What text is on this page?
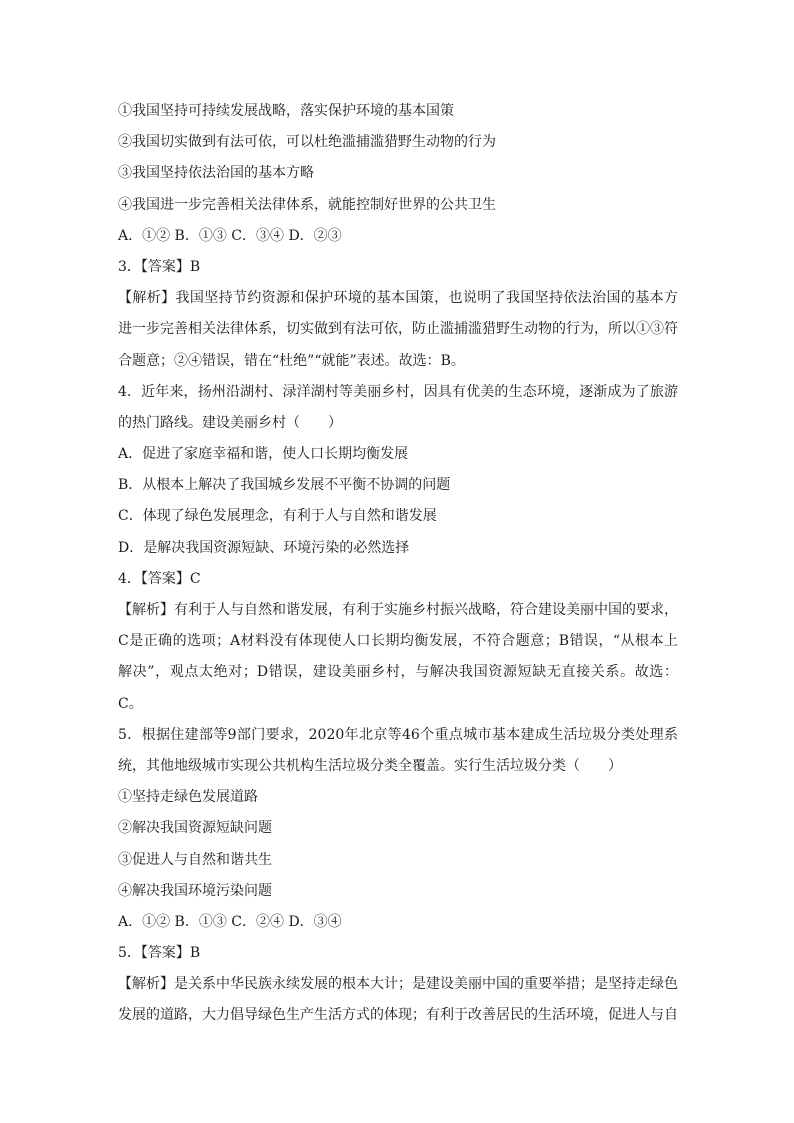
①我国坚持可持续发展战略，落实保护环境的基本国策
②我国切实做到有法可依，可以杜绝滥捕滥猎野生动物的行为
③我国坚持依法治国的基本方略
④我国进一步完善相关法律体系，就能控制好世界的公共卫生
A．①② B．①③ C．③④ D．②③
3．【答案】B
【解析】我国坚持节约资源和保护环境的基本国策，也说明了我国坚持依法治国的基本方
进一步完善相关法律体系，切实做到有法可依，防止滥捕滥猎野生动物的行为，所以①③符
合题意；②④错误，错在“杜绝”“就能”表述。故选：B。
4．近年来，扬州沿湖村、渌洋湖村等美丽乡村，因具有优美的生态环境，逐渐成为了旅游
的热门路线。建设美丽乡村（　　）
A．促进了家庭幸福和谐，使人口长期均衡发展
B．从根本上解决了我国城乡发展不平衡不协调的问题
C．体现了绿色发展理念，有利于人与自然和谐发展
D．是解决我国资源短缺、环境污染的必然选择
4．【答案】C
【解析】有利于人与自然和谐发展，有利于实施乡村振兴战略，符合建设美丽中国的要求，
C是正确的选项；A材料没有体现使人口长期均衡发展，不符合题意；B错误，“从根本上
解决”，观点太绝对；D错误，建设美丽乡村，与解决我国资源短缺无直接关系。故选：
C。
5．根据住建部等9部门要求，2020年北京等46个重点城市基本建成生活垃圾分类处理系
统，其他地级城市实现公共机构生活垃圾分类全覆盖。实行生活垃圾分类（　　）
①坚持走绿色发展道路
②解决我国资源短缺问题
③促进人与自然和谐共生
④解决我国环境污染问题
A．①② B．①③ C．②④ D．③④
5．【答案】B
【解析】是关系中华民族永续发展的根本大计；是建设美丽中国的重要举措；是坚持走绿色
发展的道路，大力倡导绿色生产生活方式的体现；有利于改善居民的生活环境，促进人与自
